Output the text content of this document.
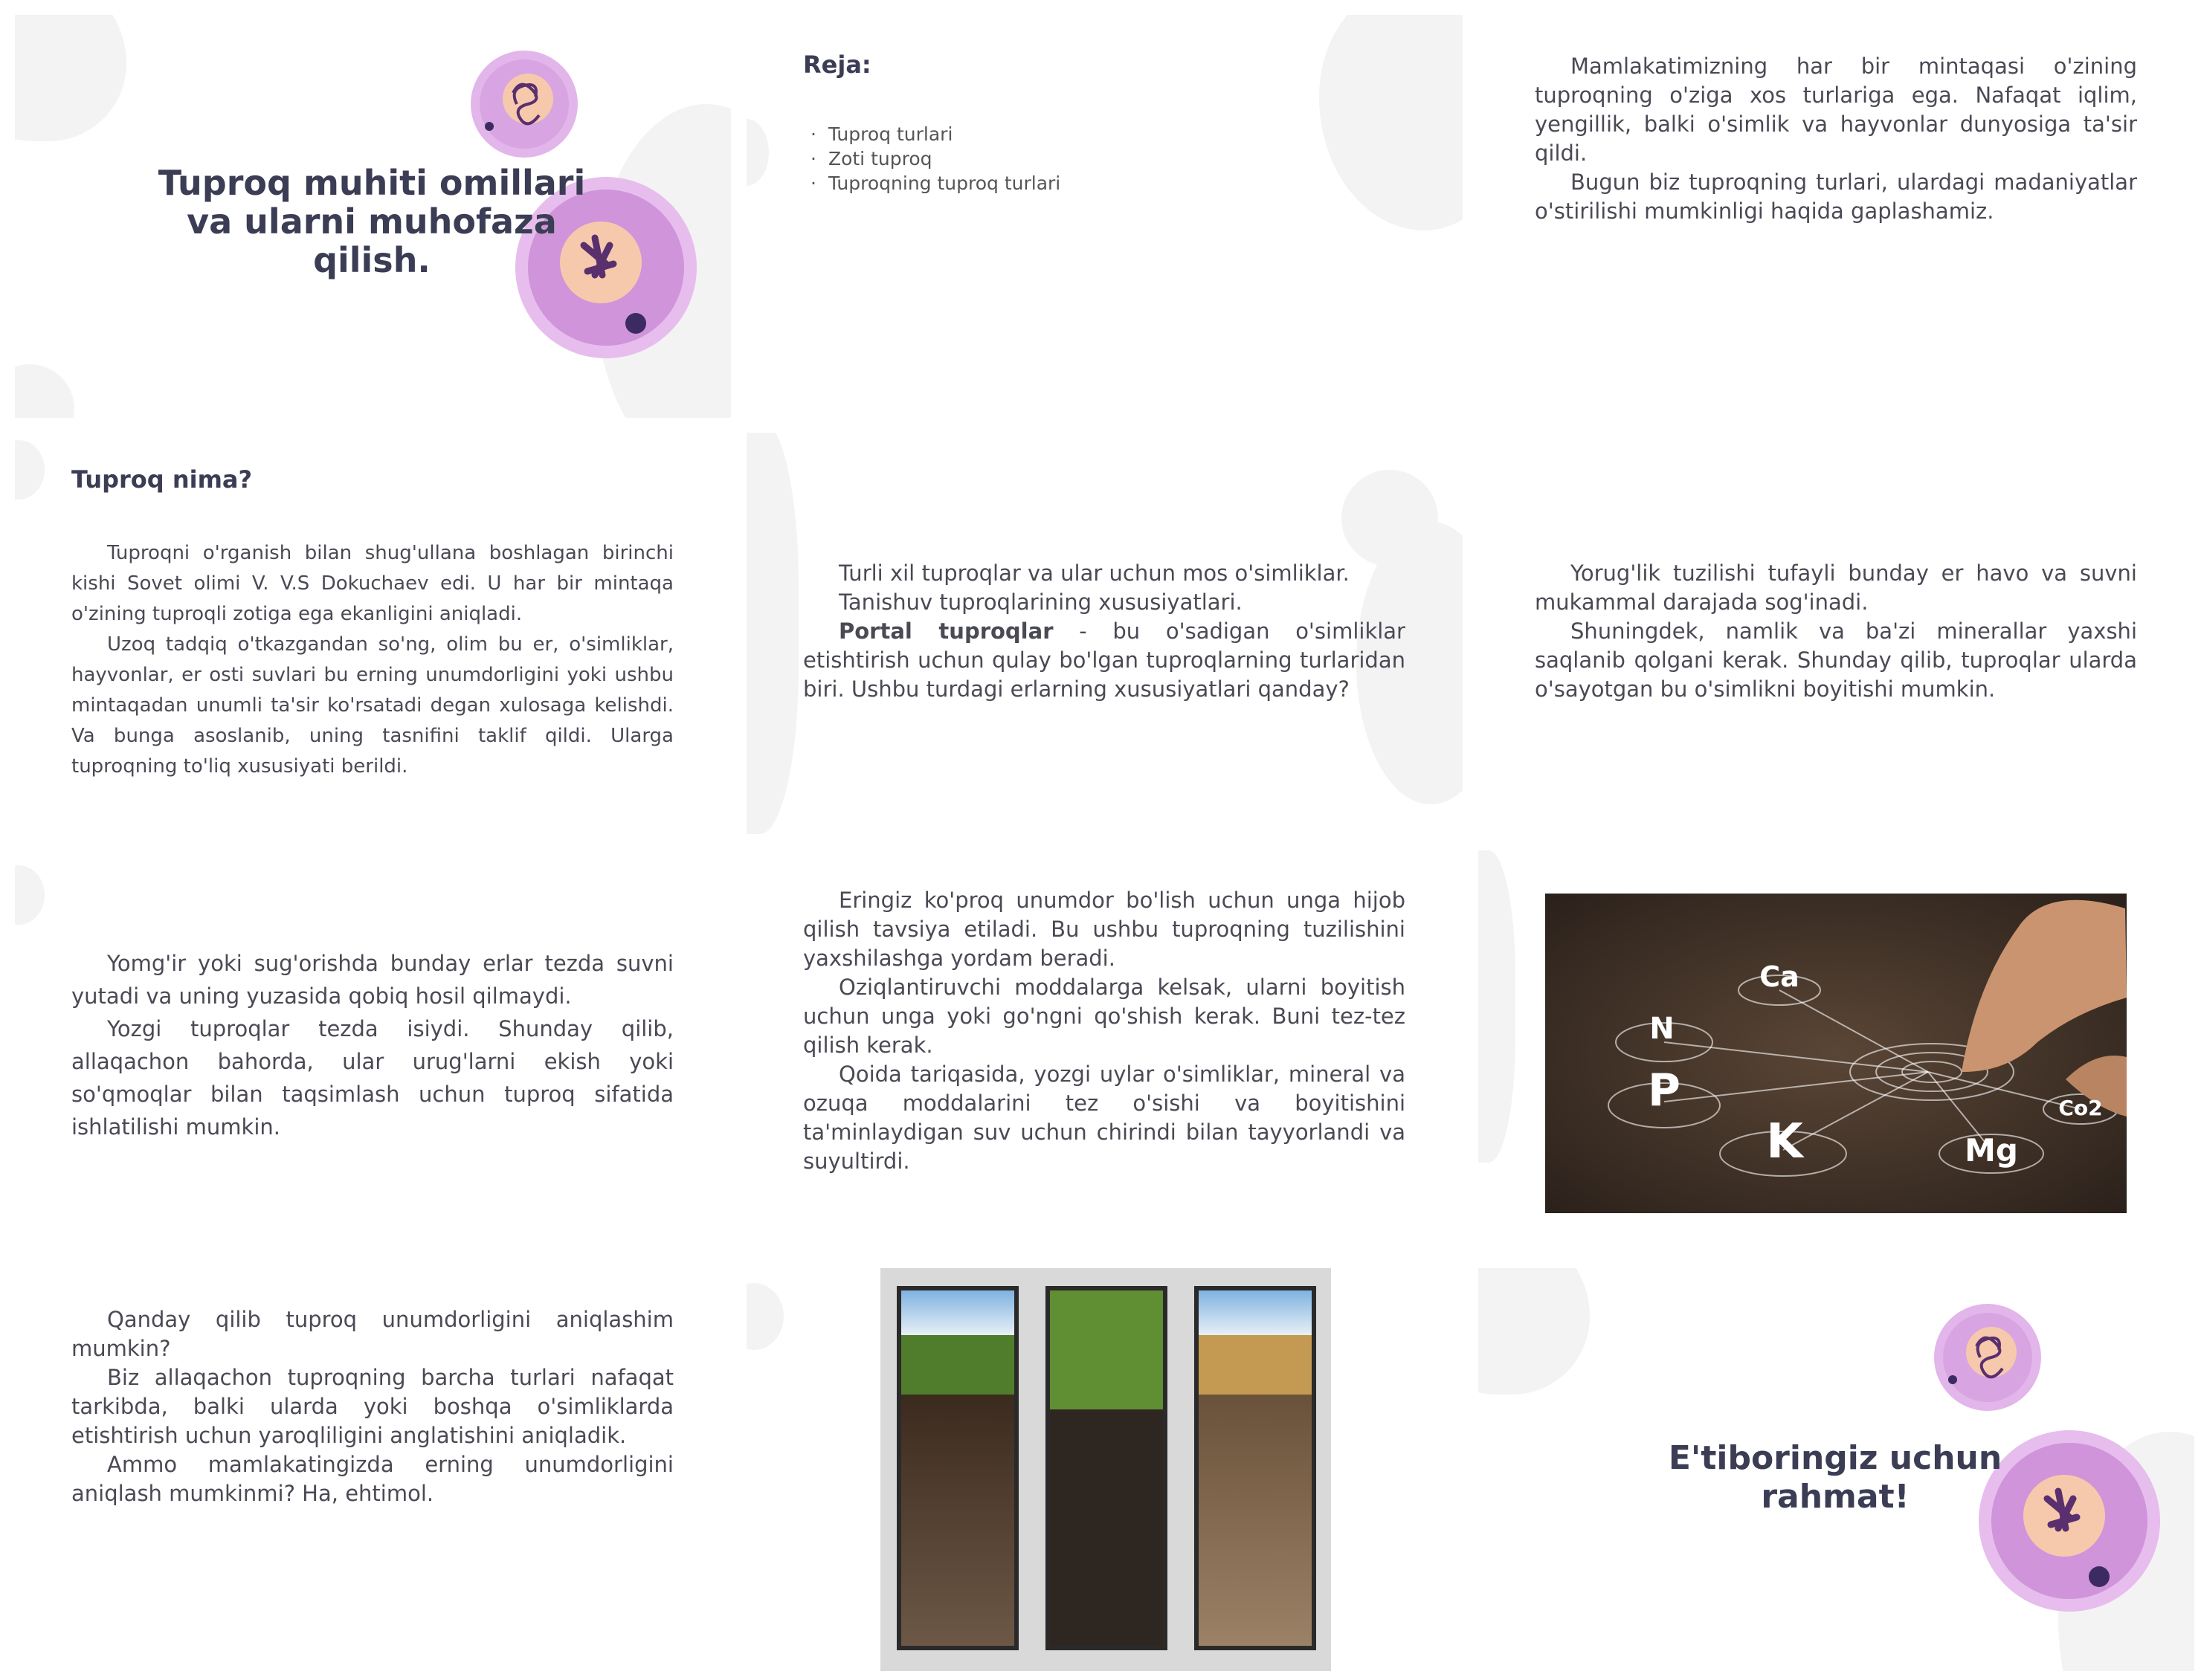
Tuproq muhiti omillari va ularni muhofaza qilish.
Reja:
· Tuproq turlari
· Zoti tuproq
· Tuproqning tuproq turlari

Mamlakatimizning har bir mintaqasi o'zining tuproqning o'ziga xos turlariga ega. Nafaqat iqlim, yengillik, balki o'simlik va hayvonlar dunyosiga ta'sir qildi.

Bugun biz tuproqning turlari, ulardagi madaniyatlar o'stirilishi mumkinligi haqida gaplashamiz.

Tuproq nima?

Tuproqni o'rganish bilan shug'ullana boshlagan birinchi kishi Sovet olimi V. V.S Dokuchaev edi. U har bir mintaqa o'zining tuproqli zotiga ega ekanligini aniqladi.

Uzoq tadqiq o'tkazgandan so'ng, olim bu er, o'simliklar, hayvonlar, er osti suvlari bu erning unumdorligini yoki ushbu mintaqadan unumli ta'sir ko'rsatadi degan xulosaga kelishdi. Va bunga asoslanib, uning tasnifini taklif qildi. Ularga tuproqning to'liq xususiyati berildi.

Turli xil tuproqlar va ular uchun mos o'simliklar.

Tanishuv tuproqlarining xususiyatlari.

Portal tuproqlar - bu o'sadigan o'simliklar etishtirish uchun qulay bo'lgan tuproqlarning turlaridan biri. Ushbu turdagi erlarning xususiyatlari qanday?

Yorug'lik tuzilishi tufayli bunday er havo va suvni mukammal darajada sog'inadi.

Shuningdek, namlik va ba'zi minerallar yaxshi saqlanib qolgani kerak. Shunday qilib, tuproqlar ularda o'sayotgan bu o'simlikni boyitishi mumkin.

Yomg'ir yoki sug'orishda bunday erlar tezda suvni yutadi va uning yuzasida qobiq hosil qilmaydi.

Yozgi tuproqlar tezda isiydi. Shunday qilib, allaqachon bahorda, ular urug'larni ekish yoki so'qmoqlar bilan taqsimlash uchun tuproq sifatida ishlatilishi mumkin.

Eringiz ko'proq unumdor bo'lish uchun unga hijob qilish tavsiya etiladi. Bu ushbu tuproqning tuzilishini yaxshilashga yordam beradi.

Oziqlantiruvchi moddalarga kelsak, ularni boyitish uchun unga yoki go'ngni qo'shish kerak. Buni tez-tez qilish kerak.

Qoida tariqasida, yozgi uylar o'simliklar, mineral va ozuqa moddalarini tez o'sishi va boyitishini ta'minlaydigan suv uchun chirindi bilan tayyorlandi va suyultirdi.

Ca
N
P
K	Mg
Co2

Qanday qilib tuproq unumdorligini aniqlashim mumkin?

Biz allaqachon tuproqning barcha turlari nafaqat tarkibda, balki ularda yoki boshqa o'simliklarda etishtirish uchun yaroqliligini anglatishini aniqladik.

Ammo mamlakatingizda erning unumdorligini aniqlash mumkinmi? Ha, ehtimol.

E'tiboringiz uchun rahmat!
